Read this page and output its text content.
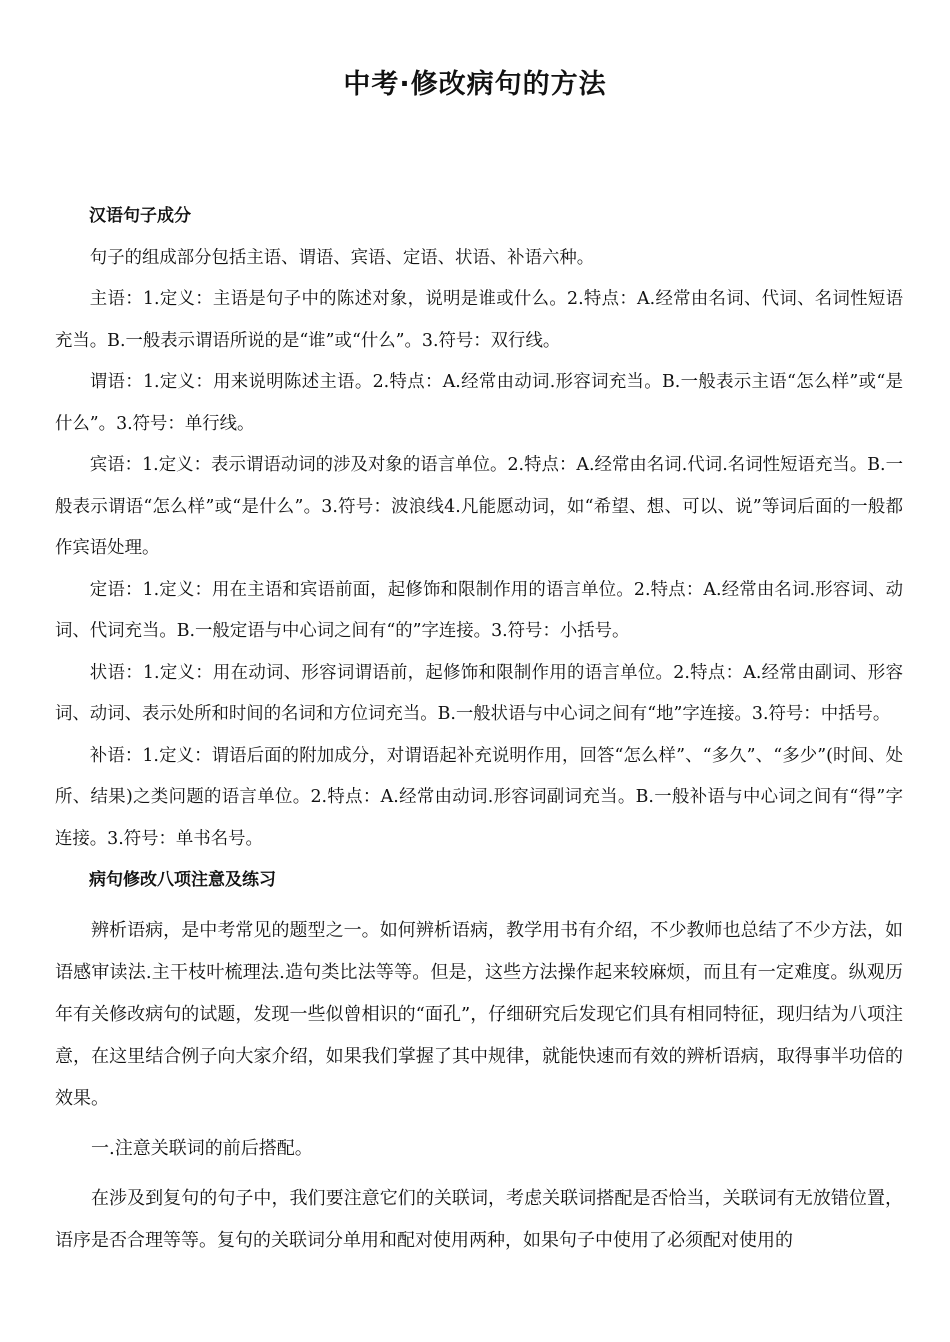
中考·修改病句的方法

汉语句子成分

句子的组成部分包括主语、谓语、宾语、定语、状语、补语六种。

主语：1.定义：主语是句子中的陈述对象，说明是谁或什么。2.特点：A.经常由名词、代词、名词性短语充当。B.一般表示谓语所说的是“谁”或“什么”。3.符号：双行线。

谓语：1.定义：用来说明陈述主语。2.特点：A.经常由动词.形容词充当。B.一般表示主语“怎么样”或“是什么”。3.符号：单行线。

宾语：1.定义：表示谓语动词的涉及对象的语言单位。2.特点：A.经常由名词.代词.名词性短语充当。B.一般表示谓语“怎么样”或“是什么”。3.符号：波浪线4.凡能愿动词，如“希望、想、可以、说”等词后面的一般都作宾语处理。

定语：1.定义：用在主语和宾语前面，起修饰和限制作用的语言单位。2.特点：A.经常由名词.形容词、动词、代词充当。B.一般定语与中心词之间有“的”字连接。3.符号：小括号。

状语：1.定义：用在动词、形容词谓语前，起修饰和限制作用的语言单位。2.特点：A.经常由副词、形容词、动词、表示处所和时间的名词和方位词充当。B.一般状语与中心词之间有“地”字连接。3.符号：中括号。

补语：1.定义：谓语后面的附加成分，对谓语起补充说明作用，回答“怎么样”、“多久”、“多少”(时间、处所、结果)之类问题的语言单位。2.特点：A.经常由动词.形容词副词充当。B.一般补语与中心词之间有“得”字连接。3.符号：单书名号。

病句修改八项注意及练习

辨析语病，是中考常见的题型之一。如何辨析语病，教学用书有介绍，不少教师也总结了不少方法，如语感审读法.主干枝叶梳理法.造句类比法等等。但是，这些方法操作起来较麻烦，而且有一定难度。纵观历年有关修改病句的试题，发现一些似曾相识的“面孔”，仔细研究后发现它们具有相同特征，现归结为八项注意，在这里结合例子向大家介绍，如果我们掌握了其中规律，就能快速而有效的辨析语病，取得事半功倍的效果。

一.注意关联词的前后搭配。

在涉及到复句的句子中，我们要注意它们的关联词，考虑关联词搭配是否恰当，关联词有无放错位置，语序是否合理等等。复句的关联词分单用和配对使用两种，如果句子中使用了必须配对使用的
